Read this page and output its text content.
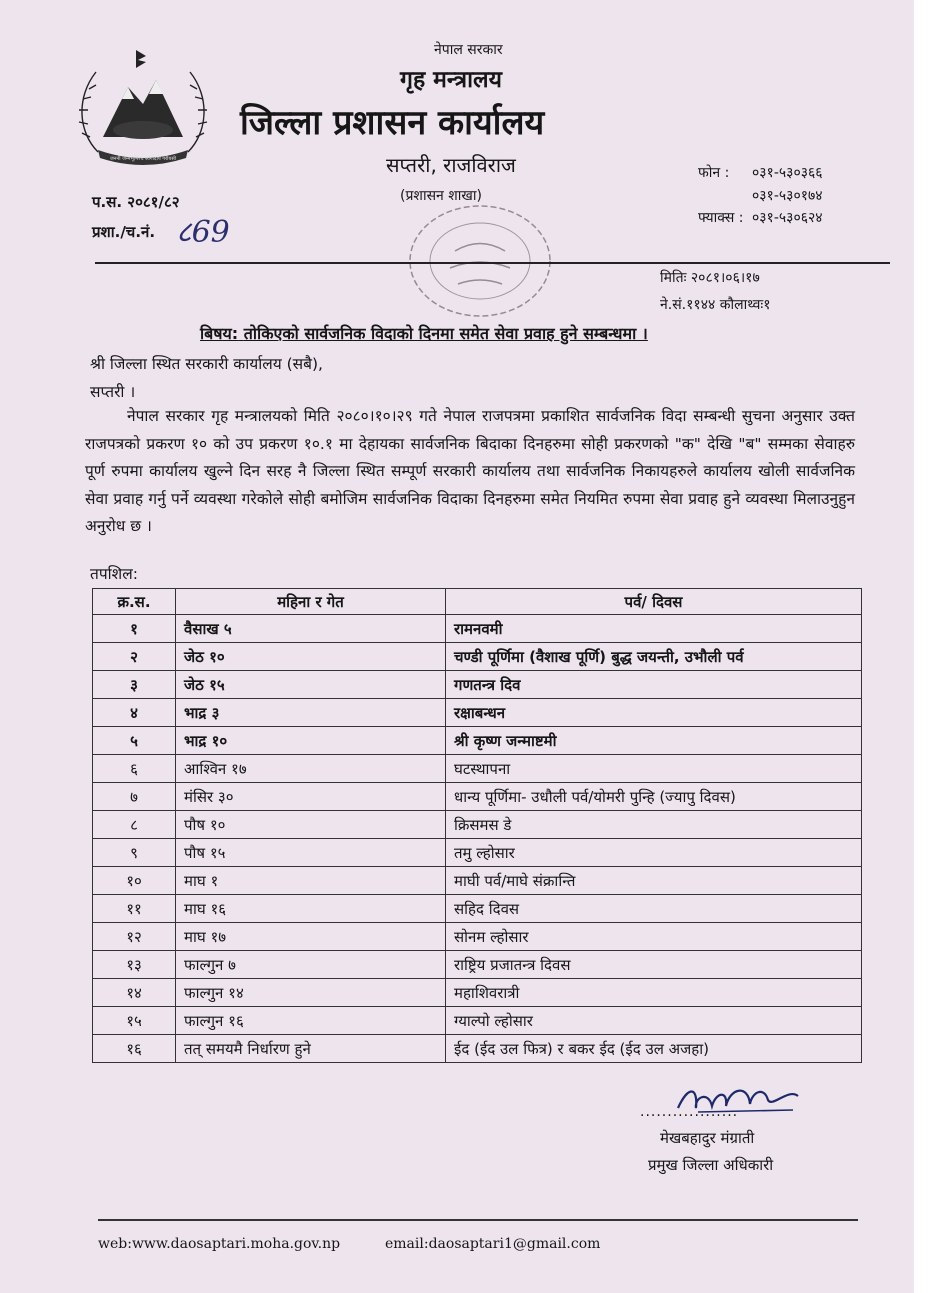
जननी जन्मभूमिश्च स्वर्गादपि गरीयसी
नेपाल सरकार
गृह मन्त्रालय
जिल्ला प्रशासन कार्यालय
सप्तरी, राजविराज
(प्रशासन शाखा)
फोन : ०३१-५३०३६६
०३१-५३०१७४
फ्याक्स : ०३१-५३०६२४
प.स. २०८१/८२
प्रशा./च.नं. ८69
मितिः २०८१।०६।१७
ने.सं.११४४ कौलाथ्वः१
बिषय: तोकिएको सार्वजनिक विदाको दिनमा समेत सेवा प्रवाह हुने सम्बन्धमा ।
श्री जिल्ला स्थित सरकारी कार्यालय (सबै),
सप्तरी ।
नेपाल सरकार गृह मन्त्रालयको मिति २०८०।१०।२९ गते नेपाल राजपत्रमा प्रकाशित सार्वजनिक विदा सम्बन्धी सुचना अनुसार उक्त राजपत्रको प्रकरण १० को उप प्रकरण १०.१ मा देहायका सार्वजनिक बिदाका दिनहरुमा सोही प्रकरणको "क" देखि "ब" सम्मका सेवाहरु पूर्ण रुपमा कार्यालय खुल्ने दिन सरह नै जिल्ला स्थित सम्पूर्ण सरकारी कार्यालय तथा सार्वजनिक निकायहरुले कार्यालय खोली सार्वजनिक सेवा प्रवाह गर्नु पर्ने व्यवस्था गरेकोले सोही बमोजिम सार्वजनिक विदाका दिनहरुमा समेत नियमित रुपमा सेवा प्रवाह हुने व्यवस्था मिलाउनुहुन अनुरोध छ ।
तपशिल:
क्र.स.	महिना र गेत	पर्व/ दिवस
१	वैसाख ५	रामनवमी
२	जेठ १०	चण्डी पूर्णिमा (वैशाख पूर्णि) बुद्ध जयन्ती, उभौली पर्व
३	जेठ १५	गणतन्त्र दिव
४	भाद्र ३	रक्षाबन्धन
५	भाद्र १०	श्री कृष्ण जन्माष्टमी
६	आश्विन १७	घटस्थापना
७	मंसिर ३०	धान्य पूर्णिमा- उधौली पर्व/योमरी पुन्हि (ज्यापु दिवस)
८	पौष १०	क्रिसमस डे
९	पौष १५	तमु ल्होसार
१०	माघ १	माघी पर्व/माघे संक्रान्ति
११	माघ १६	सहिद दिवस
१२	माघ १७	सोनम ल्होसार
१३	फाल्गुन ७	राष्ट्रिय प्रजातन्त्र दिवस
१४	फाल्गुन १४	महाशिवरात्री
१५	फाल्गुन १६	ग्याल्पो ल्होसार
१६	तत् समयमै निर्धारण हुने	ईद (ईद उल फित्र) र बकर ईद (ईद उल अजहा)
..................
मेखबहादुर मंग्राती
प्रमुख जिल्ला अधिकारी
web:www.daosaptari.moha.gov.np	email:daosaptari1@gmail.com
